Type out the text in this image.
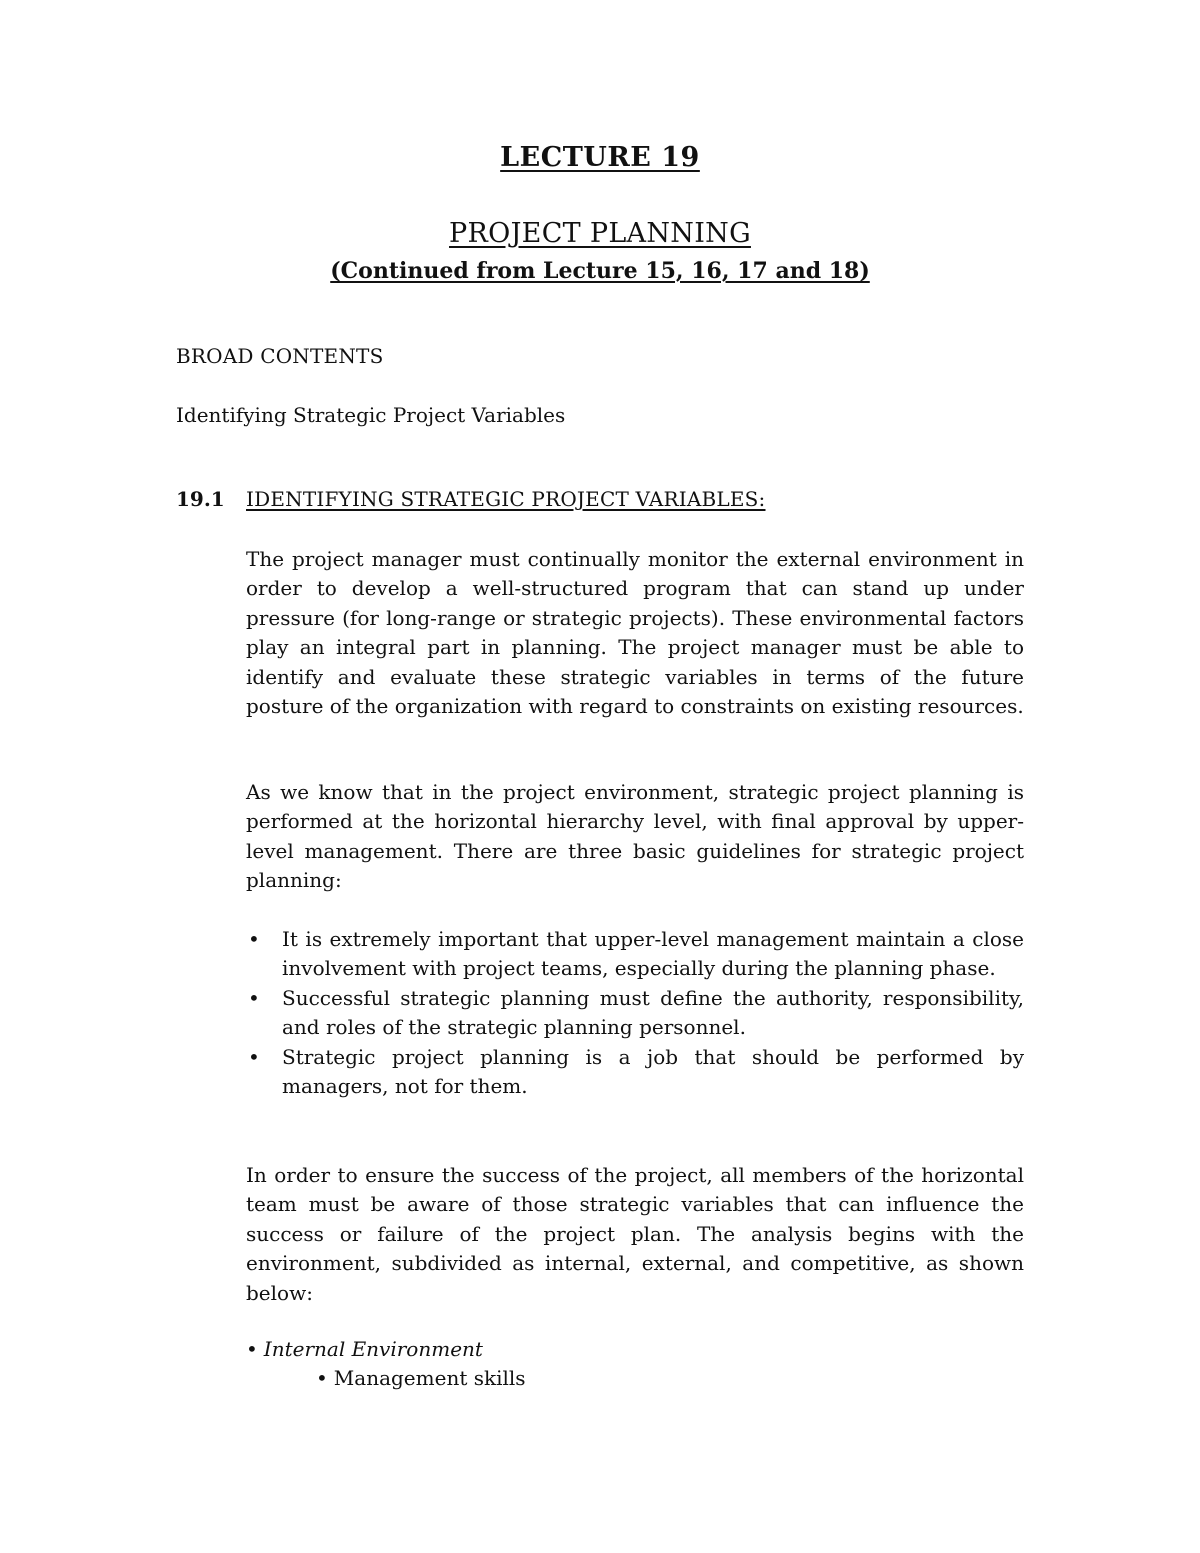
LECTURE 19
PROJECT PLANNING
(Continued from Lecture 15, 16, 17 and 18)
BROAD CONTENTS
Identifying Strategic Project Variables
19.1 IDENTIFYING STRATEGIC PROJECT VARIABLES:
The project manager must continually monitor the external environment in order to develop a well-structured program that can stand up under pressure (for long-range or strategic projects). These environmental factors play an integral part in planning. The project manager must be able to identify and evaluate these strategic variables in terms of the future posture of the organization with regard to constraints on existing resources.
As we know that in the project environment, strategic project planning is performed at the horizontal hierarchy level, with final approval by upper-level management. There are three basic guidelines for strategic project planning:
• It is extremely important that upper-level management maintain a close involvement with project teams, especially during the planning phase.
• Successful strategic planning must define the authority, responsibility, and roles of the strategic planning personnel.
• Strategic project planning is a job that should be performed by managers, not for them.
In order to ensure the success of the project, all members of the horizontal team must be aware of those strategic variables that can influence the success or failure of the project plan. The analysis begins with the environment, subdivided as internal, external, and competitive, as shown below:
• Internal Environment
• Management skills
